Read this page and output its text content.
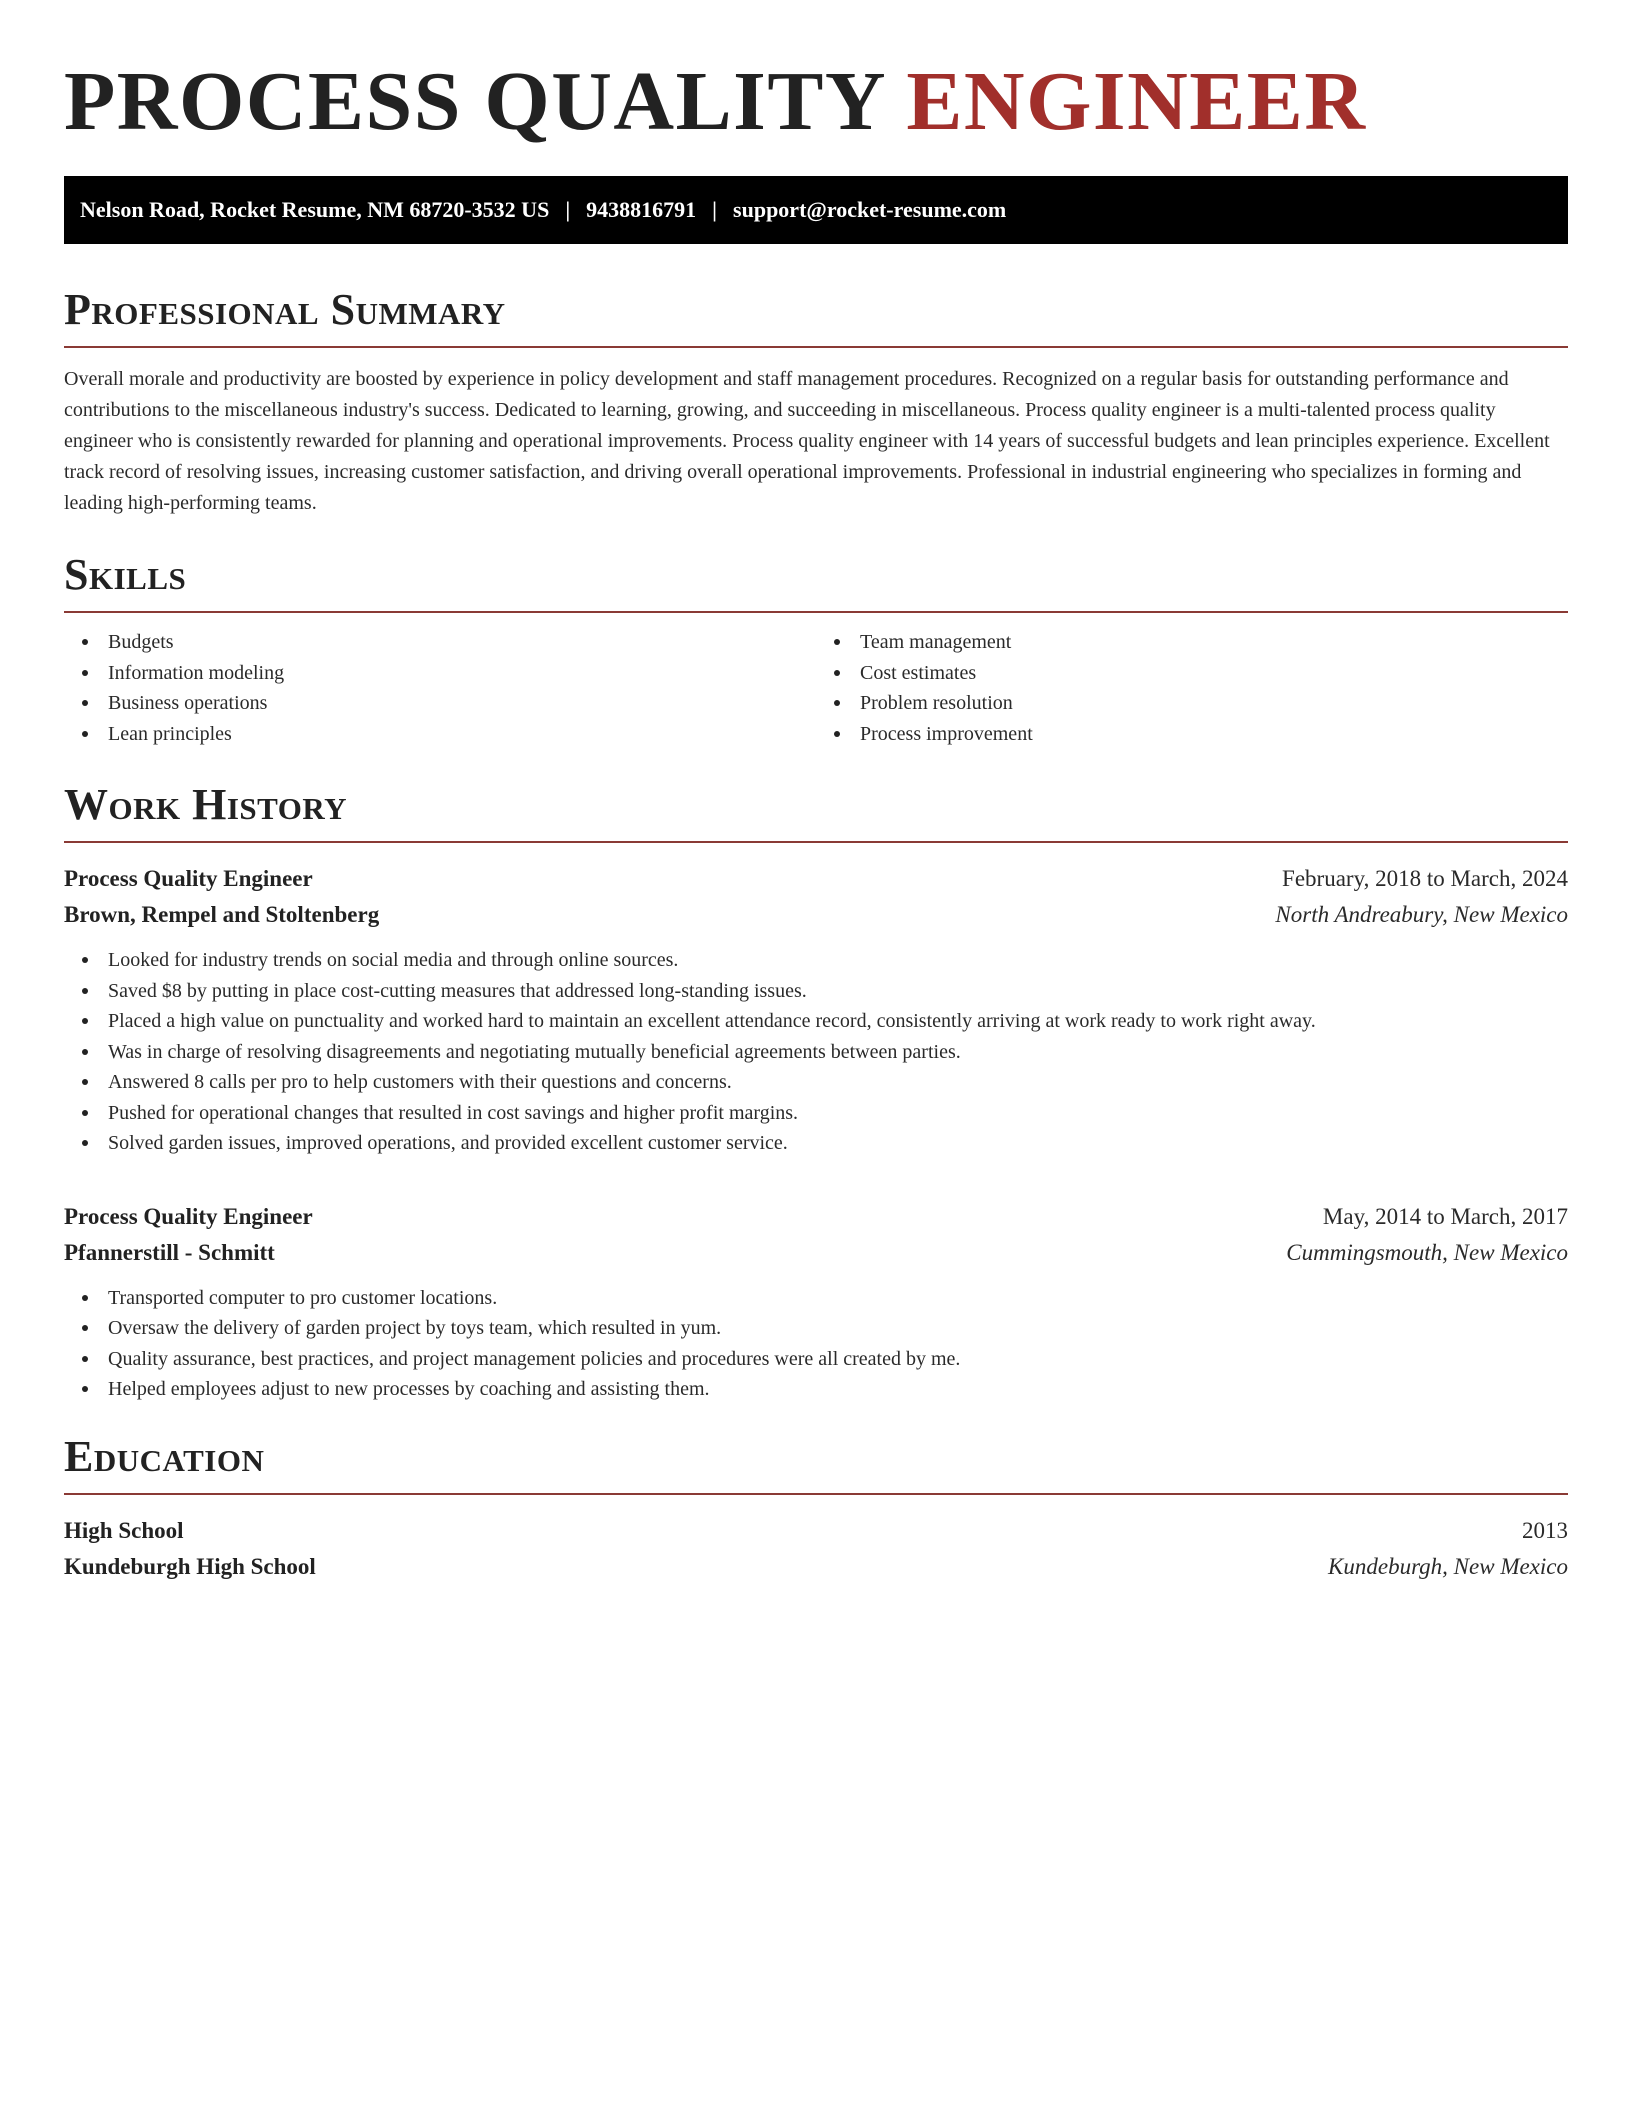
PROCESS QUALITY ENGINEER
Nelson Road, Rocket Resume, NM 68720-3532 US | 9438816791 | support@rocket-resume.com
Professional Summary

Overall morale and productivity are boosted by experience in policy development and staff management procedures. Recognized on a regular basis for outstanding performance and contributions to the miscellaneous industry's success. Dedicated to learning, growing, and succeeding in miscellaneous. Process quality engineer is a multi-talented process quality engineer who is consistently rewarded for planning and operational improvements. Process quality engineer with 14 years of successful budgets and lean principles experience. Excellent track record of resolving issues, increasing customer satisfaction, and driving overall operational improvements. Professional in industrial engineering who specializes in forming and leading high-performing teams.

Skills
Budgets
Information modeling
Business operations
Lean principles
Team management
Cost estimates
Problem resolution
Process improvement
Work History
Process Quality Engineer	February, 2018 to March, 2024
Brown, Rempel and Stoltenberg	North Andreabury, New Mexico
Looked for industry trends on social media and through online sources.
Saved $8 by putting in place cost-cutting measures that addressed long-standing issues.
Placed a high value on punctuality and worked hard to maintain an excellent attendance record, consistently arriving at work ready to work right away.
Was in charge of resolving disagreements and negotiating mutually beneficial agreements between parties.
Answered 8 calls per pro to help customers with their questions and concerns.
Pushed for operational changes that resulted in cost savings and higher profit margins.
Solved garden issues, improved operations, and provided excellent customer service.
Process Quality Engineer	May, 2014 to March, 2017
Pfannerstill - Schmitt	Cummingsmouth, New Mexico
Transported computer to pro customer locations.
Oversaw the delivery of garden project by toys team, which resulted in yum.
Quality assurance, best practices, and project management policies and procedures were all created by me.
Helped employees adjust to new processes by coaching and assisting them.
Education
High School	2013
Kundeburgh High School	Kundeburgh, New Mexico
